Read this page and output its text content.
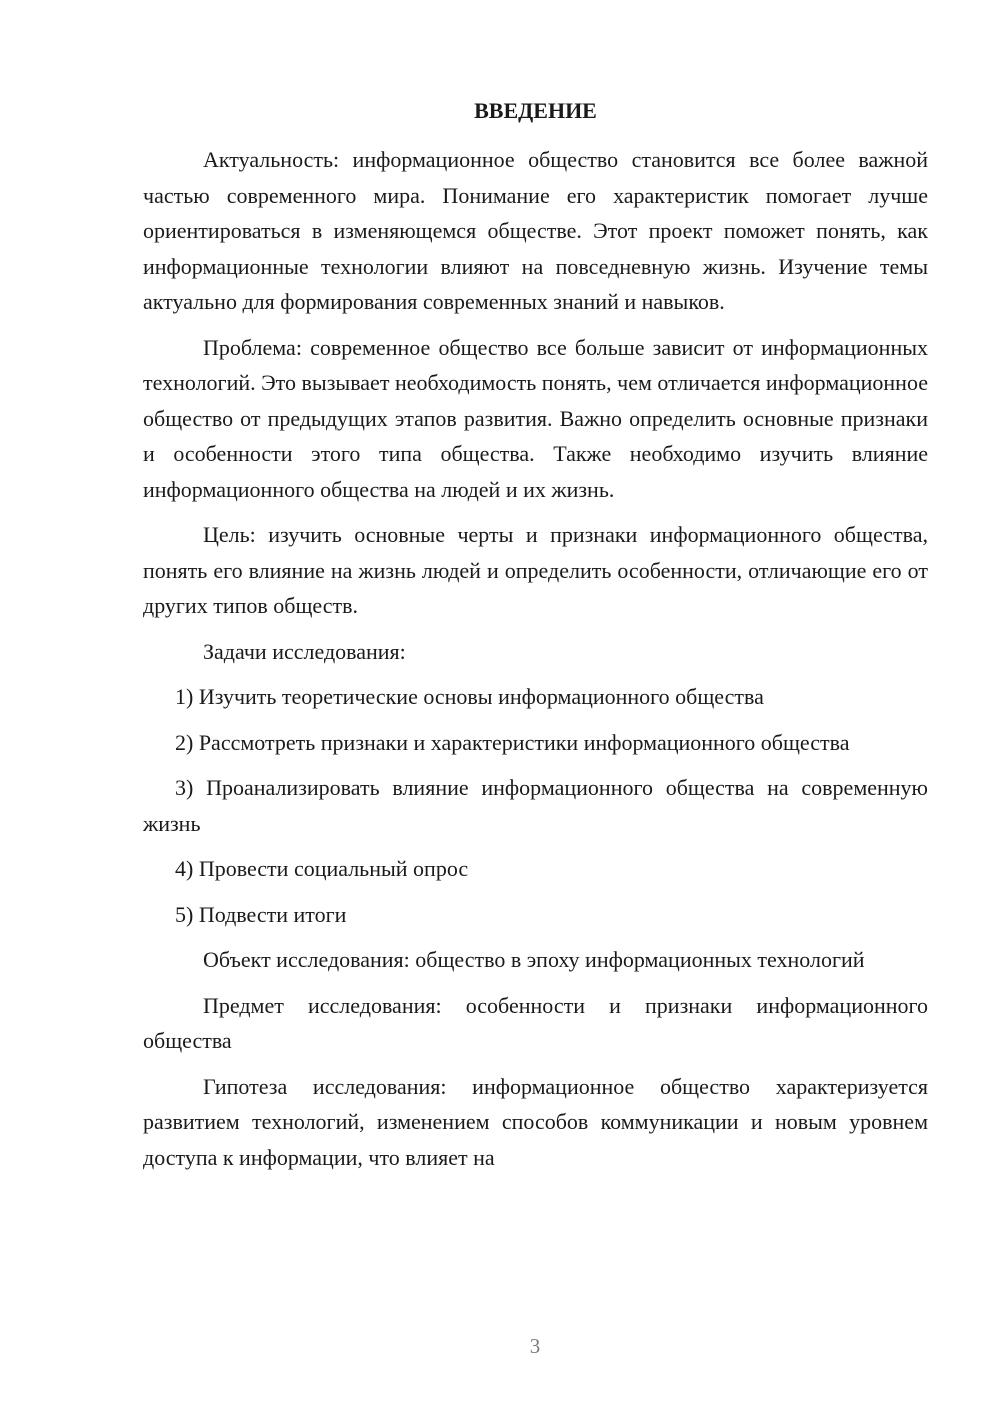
ВВЕДЕНИЕ

Актуальность: информационное общество становится все более важной частью современного мира. Понимание его характеристик помогает лучше ориентироваться в изменяющемся обществе. Этот проект поможет понять, как информационные технологии влияют на повседневную жизнь. Изучение темы актуально для формирования современных знаний и навыков.

Проблема: современное общество все больше зависит от информационных технологий. Это вызывает необходимость понять, чем отличается информационное общество от предыдущих этапов развития. Важно определить основные признаки и особенности этого типа общества. Также необходимо изучить влияние информационного общества на людей и их жизнь.

Цель: изучить основные черты и признаки информационного общества, понять его влияние на жизнь людей и определить особенности, отличающие его от других типов обществ.

Задачи исследования:

1) Изучить теоретические основы информационного общества

2) Рассмотреть признаки и характеристики информационного общества

3) Проанализировать влияние информационного общества на современную жизнь

4) Провести социальный опрос

5) Подвести итоги

Объект исследования: общество в эпоху информационных технологий

Предмет исследования: особенности и признаки информационного общества

Гипотеза исследования: информационное общество характеризуется развитием технологий, изменением способов коммуникации и новым уровнем доступа к информации, что влияет на

3
